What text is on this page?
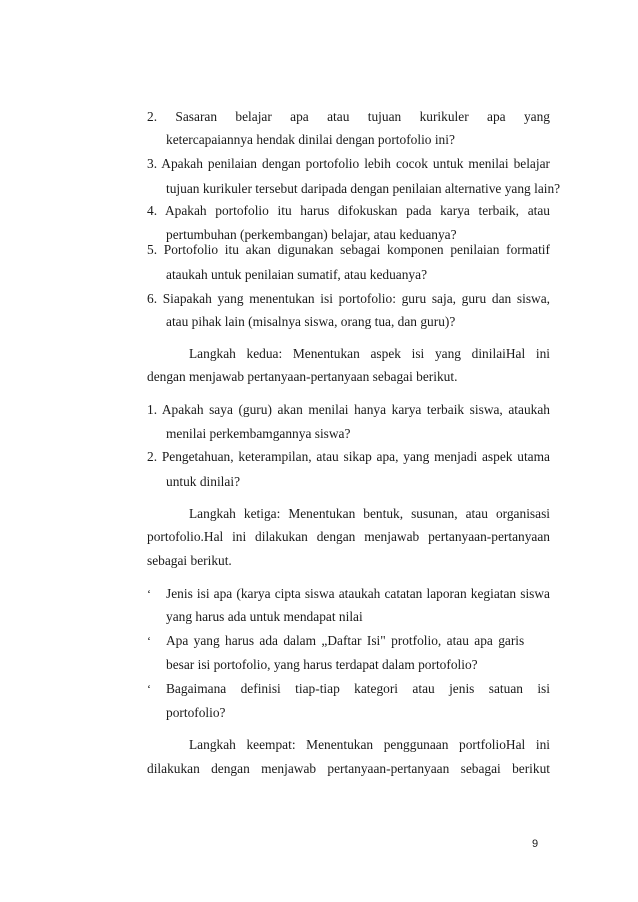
2. Sasaran belajar apa atau tujuan kurikuler apa yang
ketercapaiannya hendak dinilai dengan portofolio ini?
3. Apakah penilaian dengan portofolio lebih cocok untuk menilai belajar
tujuan kurikuler tersebut daripada dengan penilaian alternative yang lain?
4. Apakah portofolio itu harus difokuskan pada karya terbaik, atau
pertumbuhan (perkembangan) belajar, atau keduanya?
5. Portofolio itu akan digunakan sebagai komponen penilaian formatif
ataukah untuk penilaian sumatif, atau keduanya?
6. Siapakah yang menentukan isi portofolio: guru saja, guru dan siswa,
atau pihak lain (misalnya siswa, orang tua, dan guru)?
Langkah kedua: Menentukan aspek isi yang dinilaiHal ini
dengan menjawab pertanyaan-pertanyaan sebagai berikut.
1. Apakah saya (guru) akan menilai hanya karya terbaik siswa, ataukah
menilai perkembamgannya siswa?
2. Pengetahuan, keterampilan, atau sikap apa, yang menjadi aspek utama
untuk dinilai?
Langkah ketiga: Menentukan bentuk, susunan, atau organisasi
portofolio.Hal ini dilakukan dengan menjawab pertanyaan-pertanyaan
sebagai berikut.
‘ Jenis isi apa (karya cipta siswa ataukah catatan laporan kegiatan siswa
yang harus ada untuk mendapat nilai
‘ Apa yang harus ada dalam „Daftar Isi" protfolio, atau apa garis
besar isi portofolio, yang harus terdapat dalam portofolio?
‘ Bagaimana definisi tiap-tiap kategori atau jenis satuan isi
portofolio?
Langkah keempat: Menentukan penggunaan portfolioHal ini
dilakukan dengan menjawab pertanyaan-pertanyaan sebagai berikut
9
